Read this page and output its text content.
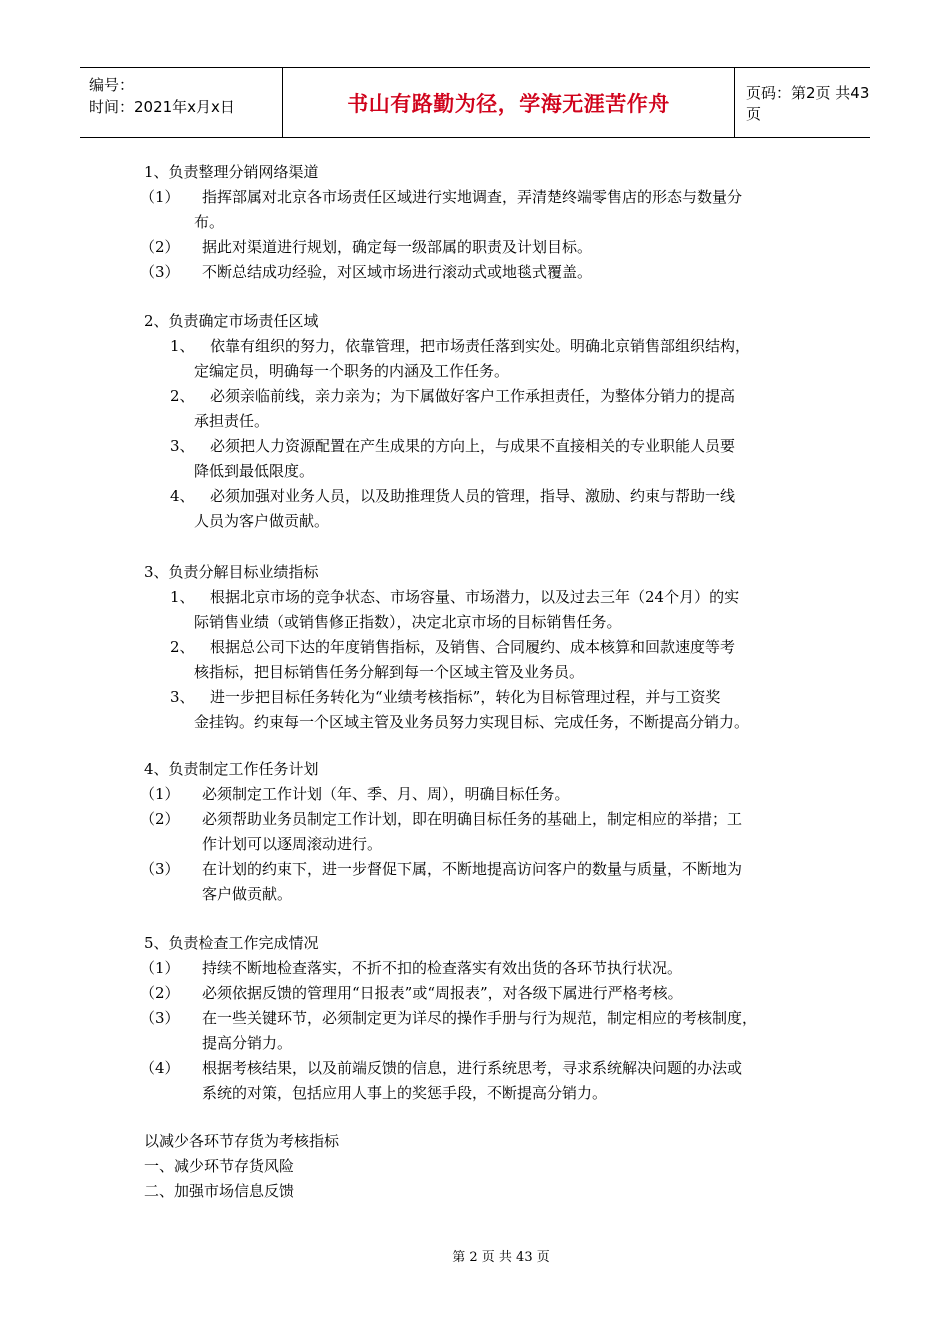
编号：
时间：2021年x月x日	书山有路勤为径，学海无涯苦作舟	页码：第2页 共43页
1、负责整理分销网络渠道
（1） 指挥部属对北京各市场责任区域进行实地调查，弄清楚终端零售店的形态与数量分
布。
（2） 据此对渠道进行规划，确定每一级部属的职责及计划目标。
（3） 不断总结成功经验，对区域市场进行滚动式或地毯式覆盖。
2、负责确定市场责任区域
1、 依靠有组织的努力，依靠管理，把市场责任落到实处。明确北京销售部组织结构，
定编定员，明确每一个职务的内涵及工作任务。
2、 必须亲临前线，亲力亲为；为下属做好客户工作承担责任，为整体分销力的提高
承担责任。
3、 必须把人力资源配置在产生成果的方向上，与成果不直接相关的专业职能人员要
降低到最低限度。
4、 必须加强对业务人员，以及助推理货人员的管理，指导、激励、约束与帮助一线
人员为客户做贡献。
3、负责分解目标业绩指标
1、 根据北京市场的竞争状态、市场容量、市场潜力，以及过去三年（24个月）的实
际销售业绩（或销售修正指数），决定北京市场的目标销售任务。
2、 根据总公司下达的年度销售指标，及销售、合同履约、成本核算和回款速度等考
核指标，把目标销售任务分解到每一个区域主管及业务员。
3、 进一步把目标任务转化为“业绩考核指标”，转化为目标管理过程，并与工资奖
金挂钩。约束每一个区域主管及业务员努力实现目标、完成任务，不断提高分销力。
4、负责制定工作任务计划
（1） 必须制定工作计划（年、季、月、周），明确目标任务。
（2） 必须帮助业务员制定工作计划，即在明确目标任务的基础上，制定相应的举措；工
作计划可以逐周滚动进行。
（3） 在计划的约束下，进一步督促下属，不断地提高访问客户的数量与质量，不断地为
客户做贡献。
5、负责检查工作完成情况
（1） 持续不断地检查落实，不折不扣的检查落实有效出货的各环节执行状况。
（2） 必须依据反馈的管理用“日报表”或“周报表”，对各级下属进行严格考核。
（3） 在一些关键环节，必须制定更为详尽的操作手册与行为规范，制定相应的考核制度，
提高分销力。
（4） 根据考核结果，以及前端反馈的信息，进行系统思考，寻求系统解决问题的办法或
系统的对策，包括应用人事上的奖惩手段，不断提高分销力。
以减少各环节存货为考核指标
一、减少环节存货风险
二、加强市场信息反馈
第 2 页 共 43 页
